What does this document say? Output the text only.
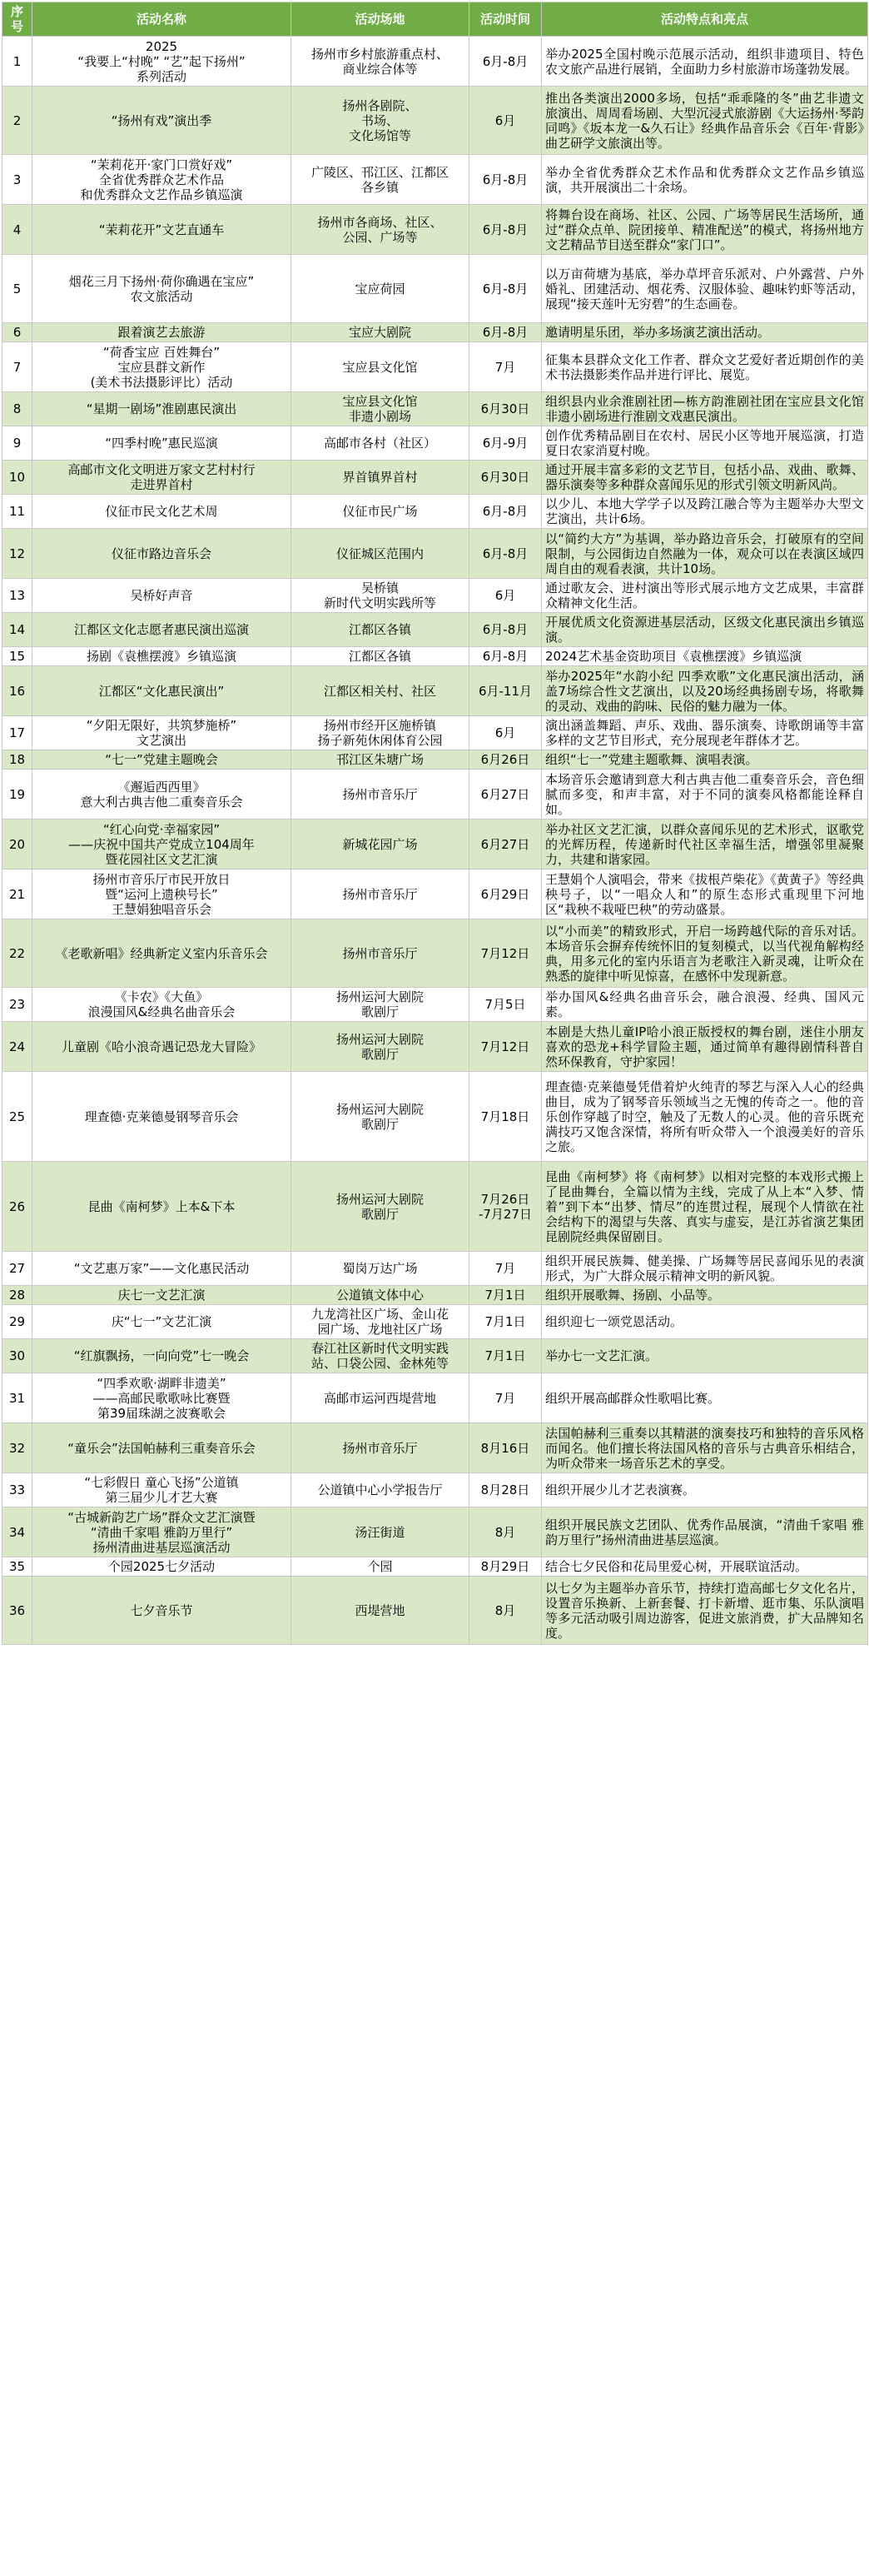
序号	活动名称	活动场地	活动时间	活动特点和亮点
1	2025
“我要上“村晚” “艺”起下扬州”
系列活动	扬州市乡村旅游重点村、
商业综合体等	6月-8月	举办2025全国村晚示范展示活动，组织非遗项目、特色农文旅产品进行展销，全面助力乡村旅游市场蓬勃发展。
2	“扬州有戏”演出季	扬州各剧院、
书场、
文化场馆等	6月	推出各类演出2000多场，包括“乖乖隆的冬”曲艺非遗文旅演出、周周看场剧、大型沉浸式旅游剧《大运扬州·琴韵同鸣》《坂本龙一&久石让》经典作品音乐会《百年·背影》曲艺研学文旅演出等。
3	“茉莉花开·家门口赏好戏”
全省优秀群众艺术作品
和优秀群众文艺作品乡镇巡演	广陵区、邗江区、江都区
各乡镇	6月-8月	举办全省优秀群众艺术作品和优秀群众文艺作品乡镇巡演，共开展演出二十余场。
4	“茉莉花开”文艺直通车	扬州市各商场、社区、
公园、广场等	6月-8月	将舞台设在商场、社区、公园、广场等居民生活场所，通过“群众点单、院团接单、精准配送”的模式，将扬州地方文艺精品节目送至群众“家门口”。
5	烟花三月下扬州·荷你确遇在宝应”
农文旅活动	宝应荷园	6月-8月	以万亩荷塘为基底，举办草坪音乐派对、户外露营、户外婚礼、团建活动、烟花秀、汉服体验、趣味钓虾等活动，展现“接天莲叶无穷碧”的生态画卷。
6	跟着演艺去旅游	宝应大剧院	6月-8月	邀请明星乐团，举办多场演艺演出活动。
7	“荷香宝应 百姓舞台”
宝应县群文新作
(美术书法摄影评比）活动	宝应县文化馆	7月	征集本县群众文化工作者、群众文艺爱好者近期创作的美术书法摄影类作品并进行评比、展览。
8	“星期一剧场”淮剧惠民演出	宝应县文化馆
非遗小剧场	6月30日	组织县内业余淮剧社团—栋方韵淮剧社团在宝应县文化馆非遗小剧场进行淮剧文戏惠民演出。
9	“四季村晚”惠民巡演	高邮市各村（社区）	6月-9月	创作优秀精品剧目在农村、居民小区等地开展巡演，打造夏日农家消夏村晚。
10	高邮市文化文明进万家文艺村村行
走进界首村	界首镇界首村	6月30日	通过开展丰富多彩的文艺节目，包括小品、戏曲、歌舞、器乐演奏等多种群众喜闻乐见的形式引领文明新风尚。
11	仪征市民文化艺术周	仪征市民广场	6月-8月	以少儿、本地大学学子以及跨江融合等为主题举办大型文艺演出，共计6场。
12	仪征市路边音乐会	仪征城区范围内	6月-8月	以“简约大方”为基调，举办路边音乐会，打破原有的空间限制，与公园街边自然融为一体，观众可以在表演区域四周自由的观看表演，共计10场。
13	吴桥好声音	吴桥镇
新时代文明实践所等	6月	通过歌友会、进村演出等形式展示地方文艺成果，丰富群众精神文化生活。
14	江都区文化志愿者惠民演出巡演	江都区各镇	6月-8月	开展优质文化资源进基层活动，区级文化惠民演出乡镇巡演。
15	扬剧《袁樵摆渡》乡镇巡演	江都区各镇	6月-8月	2024艺术基金资助项目《袁樵摆渡》乡镇巡演
16	江都区“文化惠民演出”	江都区相关村、社区	6月-11月	举办2025年“水韵小纪 四季欢歌”文化惠民演出活动，涵盖7场综合性文艺演出，以及20场经典扬剧专场，将歌舞的灵动、戏曲的韵味、民俗的魅力融为一体。
17	“夕阳无限好，共筑梦施桥”
文艺演出	扬州市经开区施桥镇
扬子新苑休闲体育公园	6月	演出涵盖舞蹈、声乐、戏曲、器乐演奏、诗歌朗诵等丰富多样的文艺节目形式，充分展现老年群体才艺。
18	“七一”党建主题晚会	邗江区朱塘广场	6月26日	组织“七一”党建主题歌舞、演唱表演。
19	《邂逅西西里》
意大利古典吉他二重奏音乐会	扬州市音乐厅	6月27日	本场音乐会邀请到意大利古典吉他二重奏音乐会，音色细腻而多变，和声丰富，对于不同的演奏风格都能诠释自如。
20	“红心向党·幸福家园”
——庆祝中国共产党成立104周年
暨花园社区文艺汇演	新城花园广场	6月27日	举办社区文艺汇演，以群众喜闻乐见的艺术形式，讴歌党的光辉历程，传递新时代社区幸福生活，增强邻里凝聚力，共建和谐家园。
21	扬州市音乐厅市民开放日
暨“运河上遗秧号长”
王慧娟独唱音乐会	扬州市音乐厅	6月29日	王慧娟个人演唱会，带来《拔根芦柴花》《黄黄子》等经典秧号子，以“一唱众人和”的原生态形式重现里下河地区“栽秧不栽哑巴秧”的劳动盛景。
22	《老歌新唱》经典新定义室内乐音乐会	扬州市音乐厅	7月12日	以“小而美”的精致形式，开启一场跨越代际的音乐对话。本场音乐会摒弃传统怀旧的复刻模式，以当代视角解构经典，用多元化的室内乐语言为老歌注入新灵魂，让听众在熟悉的旋律中听见惊喜，在感怀中发现新意。
23	《卡农》《大鱼》
浪漫国风&经典名曲音乐会	扬州运河大剧院
歌剧厅	7月5日	举办国风&经典名曲音乐会，融合浪漫、经典、国风元素。
24	儿童剧《哈小浪奇遇记恐龙大冒险》	扬州运河大剧院
歌剧厅	7月12日	本剧是大热儿童IP哈小浪正版授权的舞台剧，迷住小朋友喜欢的恐龙+科学冒险主题，通过简单有趣得剧情科普自然环保教育，守护家园！
25	理查德·克莱德曼钢琴音乐会	扬州运河大剧院
歌剧厅	7月18日	理查德·克莱德曼凭借着炉火纯青的琴艺与深入人心的经典曲目，成为了钢琴音乐领域当之无愧的传奇之一。他的音乐创作穿越了时空，触及了无数人的心灵。他的音乐既充满技巧又饱含深情，将所有听众带入一个浪漫美好的音乐之旅。
26	昆曲《南柯梦》上本&下本	扬州运河大剧院
歌剧厅	7月26日
-7月27日	昆曲《南柯梦》将《南柯梦》以相对完整的本戏形式搬上了昆曲舞台，全篇以情为主线，完成了从上本“入梦、情着”到下本“出梦、情尽”的连贯过程，展现个人情欲在社会结构下的渴望与失落、真实与虚妄，是江苏省演艺集团昆剧院经典保留剧目。
27	“文艺惠万家”——文化惠民活动	蜀岗万达广场	7月	组织开展民族舞、健美操、广场舞等居民喜闻乐见的表演形式，为广大群众展示精神文明的新风貌。
28	庆七一文艺汇演	公道镇文体中心	7月1日	组织开展歌舞、扬剧、小品等。
29	庆“七一”文艺汇演	九龙湾社区广场、金山花
园广场、龙地社区广场	7月1日	组织迎七一颂党恩活动。
30	“红旗飘扬，一向向党”七一晚会	春江社区新时代文明实践
站、口袋公园、金林苑等	7月1日	举办七一文艺汇演。
31	“四季欢歌·湖畔非遗美”
——高邮民歌歌咏比赛暨
第39届珠湖之波赛歌会	高邮市运河西堤营地	7月	组织开展高邮群众性歌唱比赛。
32	“童乐会”法国帕赫利三重奏音乐会	扬州市音乐厅	8月16日	法国帕赫利三重奏以其精湛的演奏技巧和独特的音乐风格而闻名。他们擅长将法国风格的音乐与古典音乐相结合，为听众带来一场音乐艺术的享受。
33	“七彩假日 童心飞扬”公道镇
第三届少儿才艺大赛	公道镇中心小学报告厅	8月28日	组织开展少儿才艺表演赛。
34	“古城新韵艺广场”群众文艺汇演暨
“清曲千家唱 雅韵万里行”
扬州清曲进基层巡演活动	汤汪街道	8月	组织开展民族文艺团队、优秀作品展演，“清曲千家唱 雅韵万里行”扬州清曲进基层巡演。
35	个园2025七夕活动	个园	8月29日	结合七夕民俗和花局里爱心树，开展联谊活动。
36	七夕音乐节	西堤营地	8月	以七夕为主题举办音乐节，持续打造高邮七夕文化名片，设置音乐换新、上新套餐、打卡新增、逛市集、乐队演唱等多元活动吸引周边游客，促进文旅消费，扩大品牌知名度。
